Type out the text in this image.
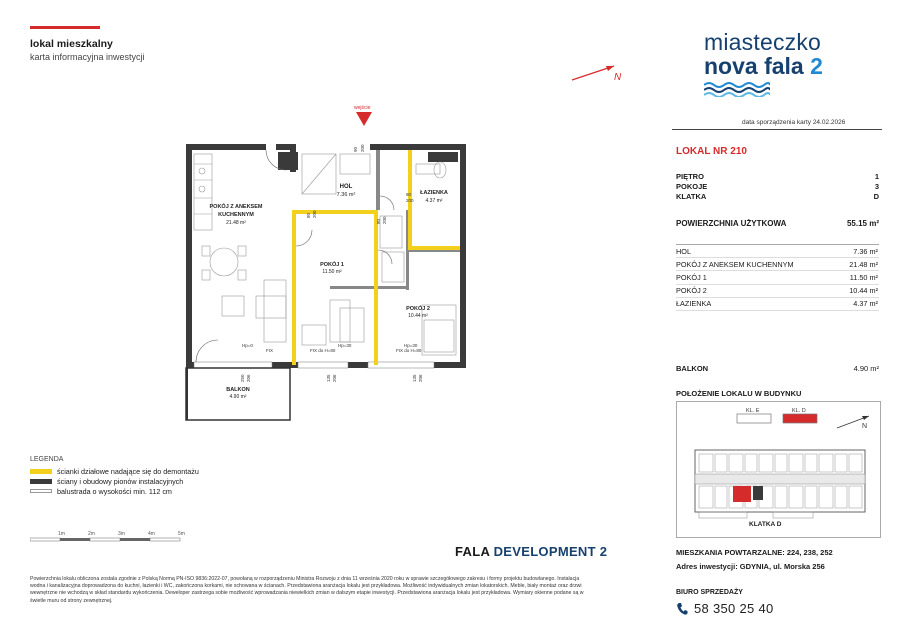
lokal mieszkalny
karta informacyjna inwestycji
miasteczko
nova fala 2
N
data sporządzenia karty 24.02.2026
LOKAL NR 210
PIĘTRO	1
POKOJE	3
KLATKA	D
POWIERZCHNIA UŻYTKOWA	55.15 m²
HOL	7.36 m²
POKÓJ Z ANEKSEM KUCHENNYM	21.48 m²
POKÓJ 1	11.50 m²
POKÓJ 2	10.44 m²
ŁAZIENKA	4.37 m²
BALKON	4.90 m²
POŁOŻENIE LOKALU W BUDYNKU
KL. E	KL. D
N
KLATKA D
MIESZKANIA POWTARZALNE: 224, 238, 252
Adres inwestycji: GDYNIA, ul. Morska 256
BIURO SPRZEDAŻY
58 350 25 40
wejście
HOL
7.36 m²	ŁAZIENKA
4.37 m²
POKÓJ Z ANEKSEM
KUCHENNYM
21.48 m²
POKÓJ 1
11.50 m²
POKÓJ 2
10.44 m²
BALKON
4.90 m²
90 200
80
200
80 200
80 200
Hp=0
FIX
Hp=30
FIX do H=80
Hp=30
FIX do H=80
250 206	135 206	135 206
LEGENDA
ścianki działowe nadające się do demontażu
ściany i obudowy pionów instalacyjnych
balustrada o wysokości min. 112 cm
1m	2m	3m	4m	5m
FALA DEVELOPMENT 2
Powierzchnia lokalu obliczona zostala zgodnie z Polską Normą PN-ISO 9836:2022-07, powołaną w rozporządzeniu Ministra Rozwoju z dnia 11 września 2020 roku w sprawie szczegółowego zakresu i formy projektu budowlanego. Instalacja wodna i kanalizacyjna doprowadzona do kuchni, łazienki i WC, zakończona korkami, nie schowana w ścianach. Przedstawiona aranżacja lokalu jest przykładowa. Możliwość indywidualnych zmian lokatorskich. Meble, biały montaż oraz drzwi wewnętrzne nie wchodzą w skład standardu wykończenia. Deweloper zastrzega sobie możliwość wprowadzania niewielkich zmian w dalszym etapie inwestycji. Przedstawiona aranżacja lokalu jest przykładowa. Wymiary okienne podane są w świetle muru od strony zewnętrznej.
